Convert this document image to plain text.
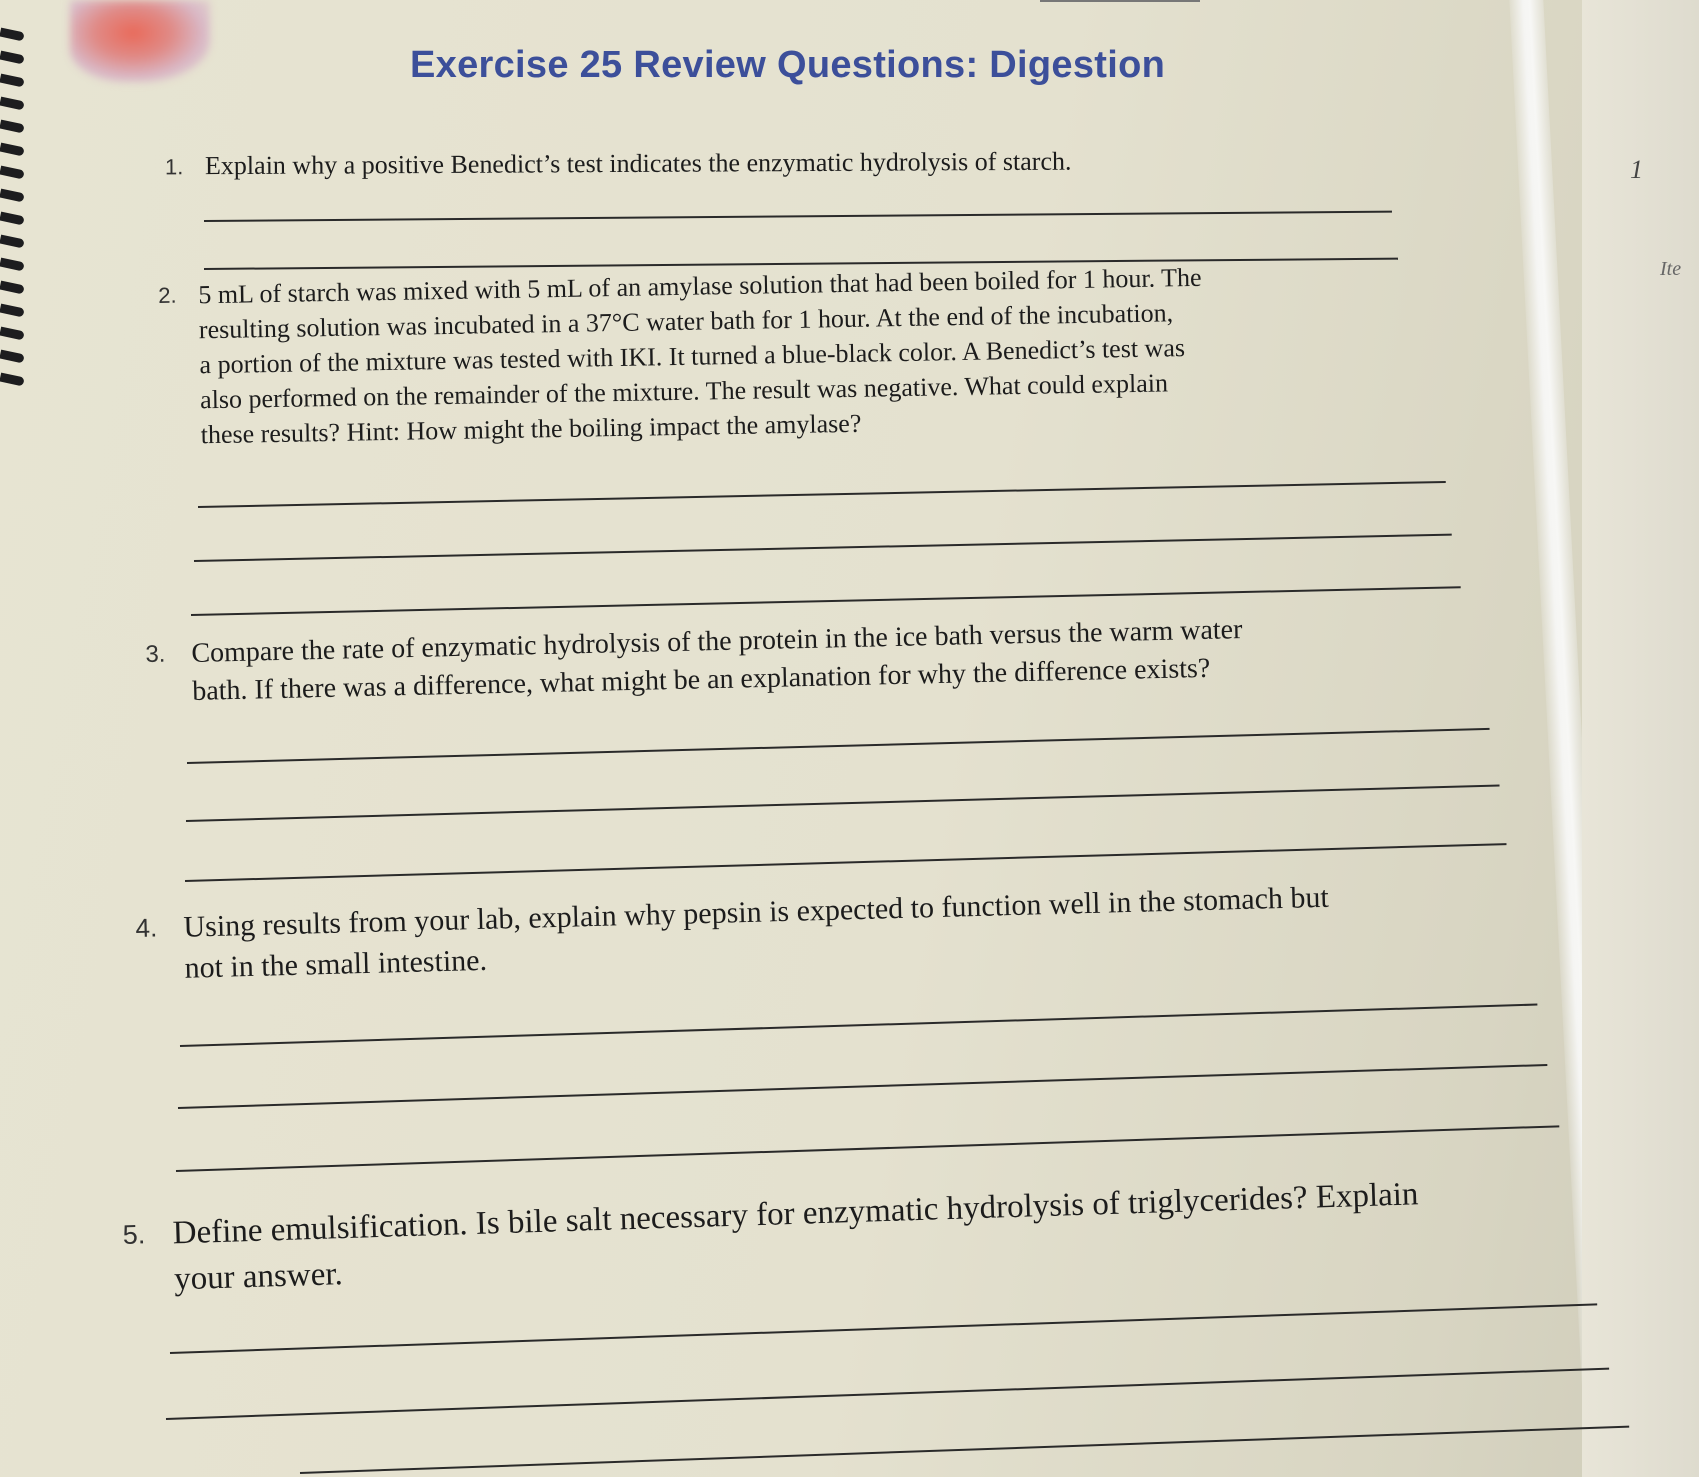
1
Ite
Exercise 25 Review Questions: Digestion
1. Explain why a positive Benedict’s test indicates the enzymatic hydrolysis of starch.
2. 5 mL of starch was mixed with 5 mL of an amylase solution that had been boiled for 1 hour. The
resulting solution was incubated in a 37°C water bath for 1 hour. At the end of the incubation,
a portion of the mixture was tested with IKI. It turned a blue-black color. A Benedict’s test was
also performed on the remainder of the mixture. The result was negative. What could explain
these results? Hint: How might the boiling impact the amylase?
3. Compare the rate of enzymatic hydrolysis of the protein in the ice bath versus the warm water
bath. If there was a difference, what might be an explanation for why the difference exists?
4. Using results from your lab, explain why pepsin is expected to function well in the stomach but
not in the small intestine.
5. Define emulsification. Is bile salt necessary for enzymatic hydrolysis of triglycerides? Explain
your answer.
